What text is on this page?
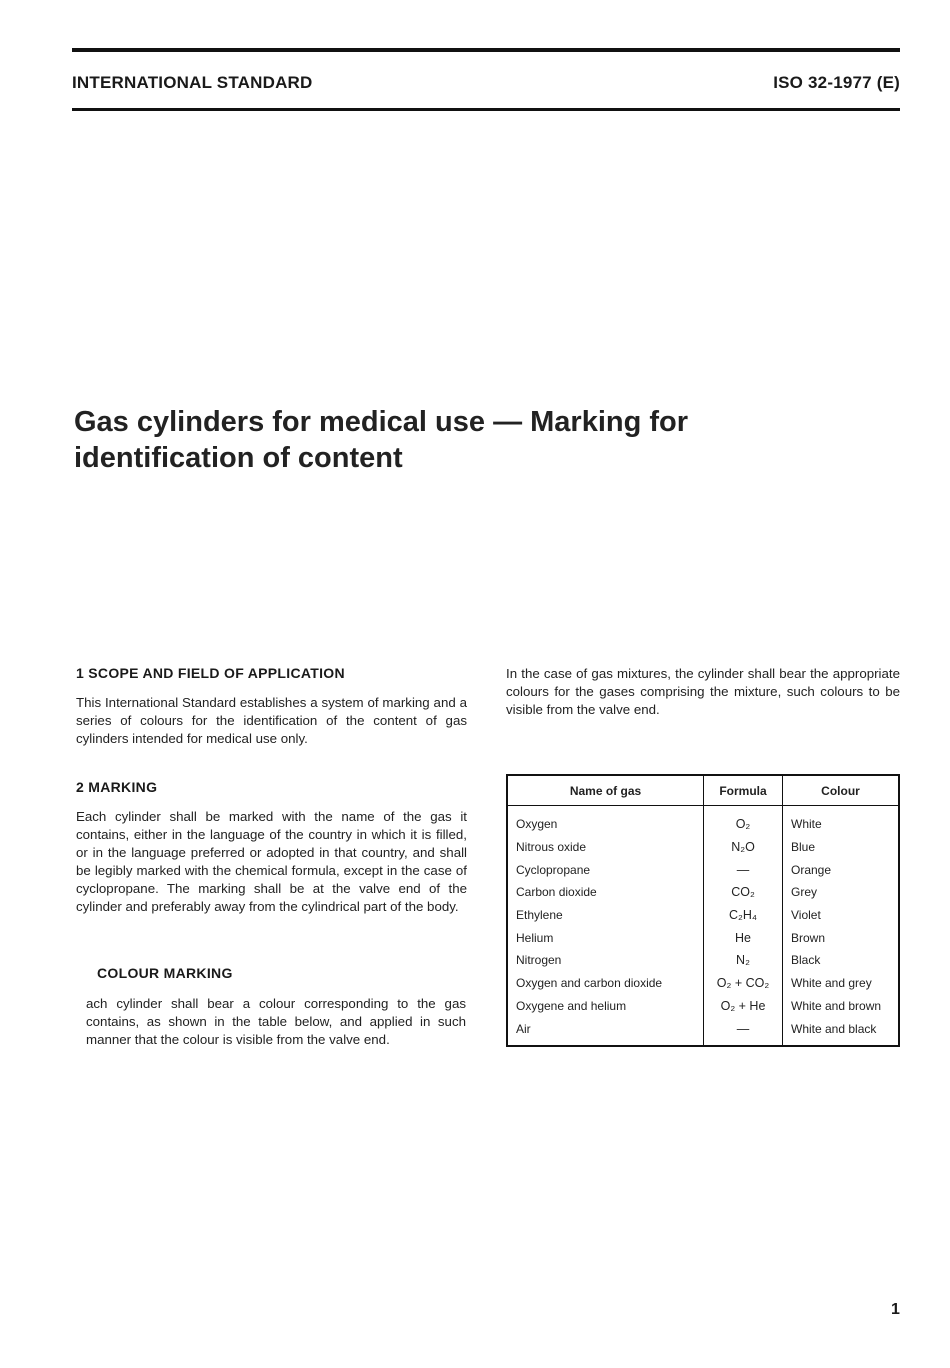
INTERNATIONAL STANDARD	ISO 32-1977 (E)
Gas cylinders for medical use — Marking for identification of content
1 SCOPE AND FIELD OF APPLICATION
This International Standard establishes a system of marking and a series of colours for the identification of the content of gas cylinders intended for medical use only.
2 MARKING
Each cylinder shall be marked with the name of the gas it contains, either in the language of the country in which it is filled, or in the language preferred or adopted in that country, and shall be legibly marked with the chemical formula, except in the case of cyclopropane. The marking shall be at the valve end of the cylinder and preferably away from the cylindrical part of the body.
COLOUR MARKING
ach cylinder shall bear a colour corresponding to the gas contains, as shown in the table below, and applied in such manner that the colour is visible from the valve end.
In the case of gas mixtures, the cylinder shall bear the appropriate colours for the gases comprising the mixture, such colours to be visible from the valve end.
Name of gas	Formula	Colour
Oxygen	O₂	White
Nitrous oxide	N₂O	Blue
Cyclopropane	—	Orange
Carbon dioxide	CO₂	Grey
Ethylene	C₂H₄	Violet
Helium	He	Brown
Nitrogen	N₂	Black
Oxygen and carbon dioxide	O₂ + CO₂	White and grey
Oxygene and helium	O₂ + He	White and brown
Air	—	White and black
1
